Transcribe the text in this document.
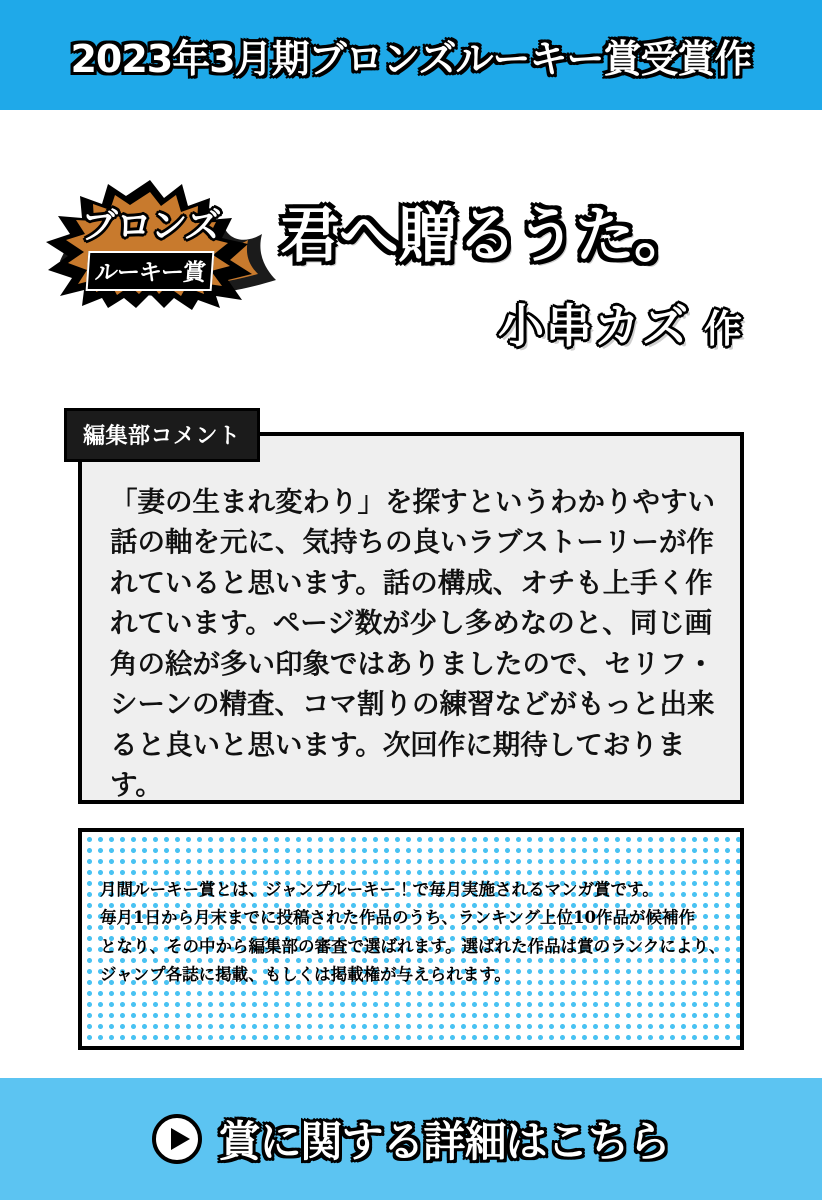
2023年3月期ブロンズルーキー賞受賞作
ブロンズ
ルーキー賞
君へ贈るうた。
小串カズ 作
編集部コメント
「妻の生まれ変わり」を探すというわかりやすい話の軸を元に、気持ちの良いラブストーリーが作れていると思います。話の構成、オチも上手く作れています。ページ数が少し多めなのと、同じ画角の絵が多い印象ではありましたので、セリフ・シーンの精査、コマ割りの練習などがもっと出来ると良いと思います。次回作に期待しております。

月間ルーキー賞とは、ジャンプルーキー！で毎月実施されるマンガ賞です。

毎月1日から月末までに投稿された作品のうち、ランキング上位10作品が候補作

となり、その中から編集部の審査で選ばれます。選ばれた作品は賞のランクにより、

ジャンプ各誌に掲載、もしくは掲載権が与えられます。

賞に関する詳細はこちら
